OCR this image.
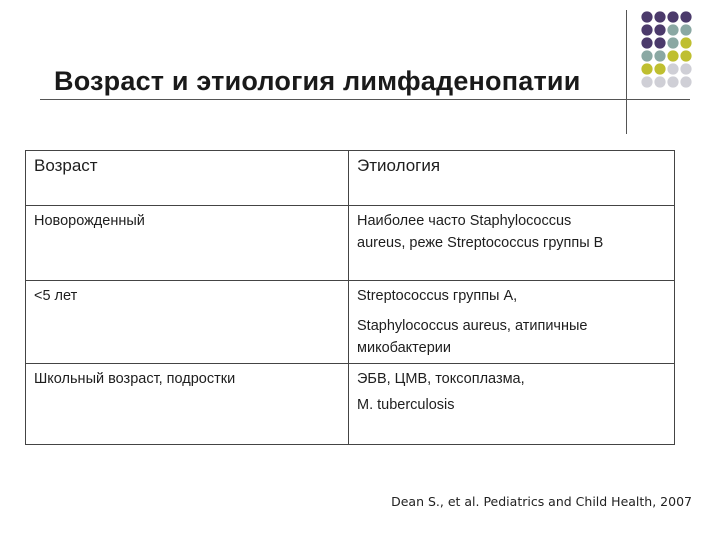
Возраст и этиология лимфаденопатии
Возраст	Этиология
Новорожденный	Наиболее часто Staphylococcus
aureus, реже Streptococcus группы B

<5 лет	Streptococcus группы A,
Staphylococcus aureus, атипичные
микобактерии

Школьный возраст, подростки	ЭБВ, ЦМВ, токсоплазма,
M. tuberculosis
Dean S., et al. Pediatrics and Child Health, 2007
